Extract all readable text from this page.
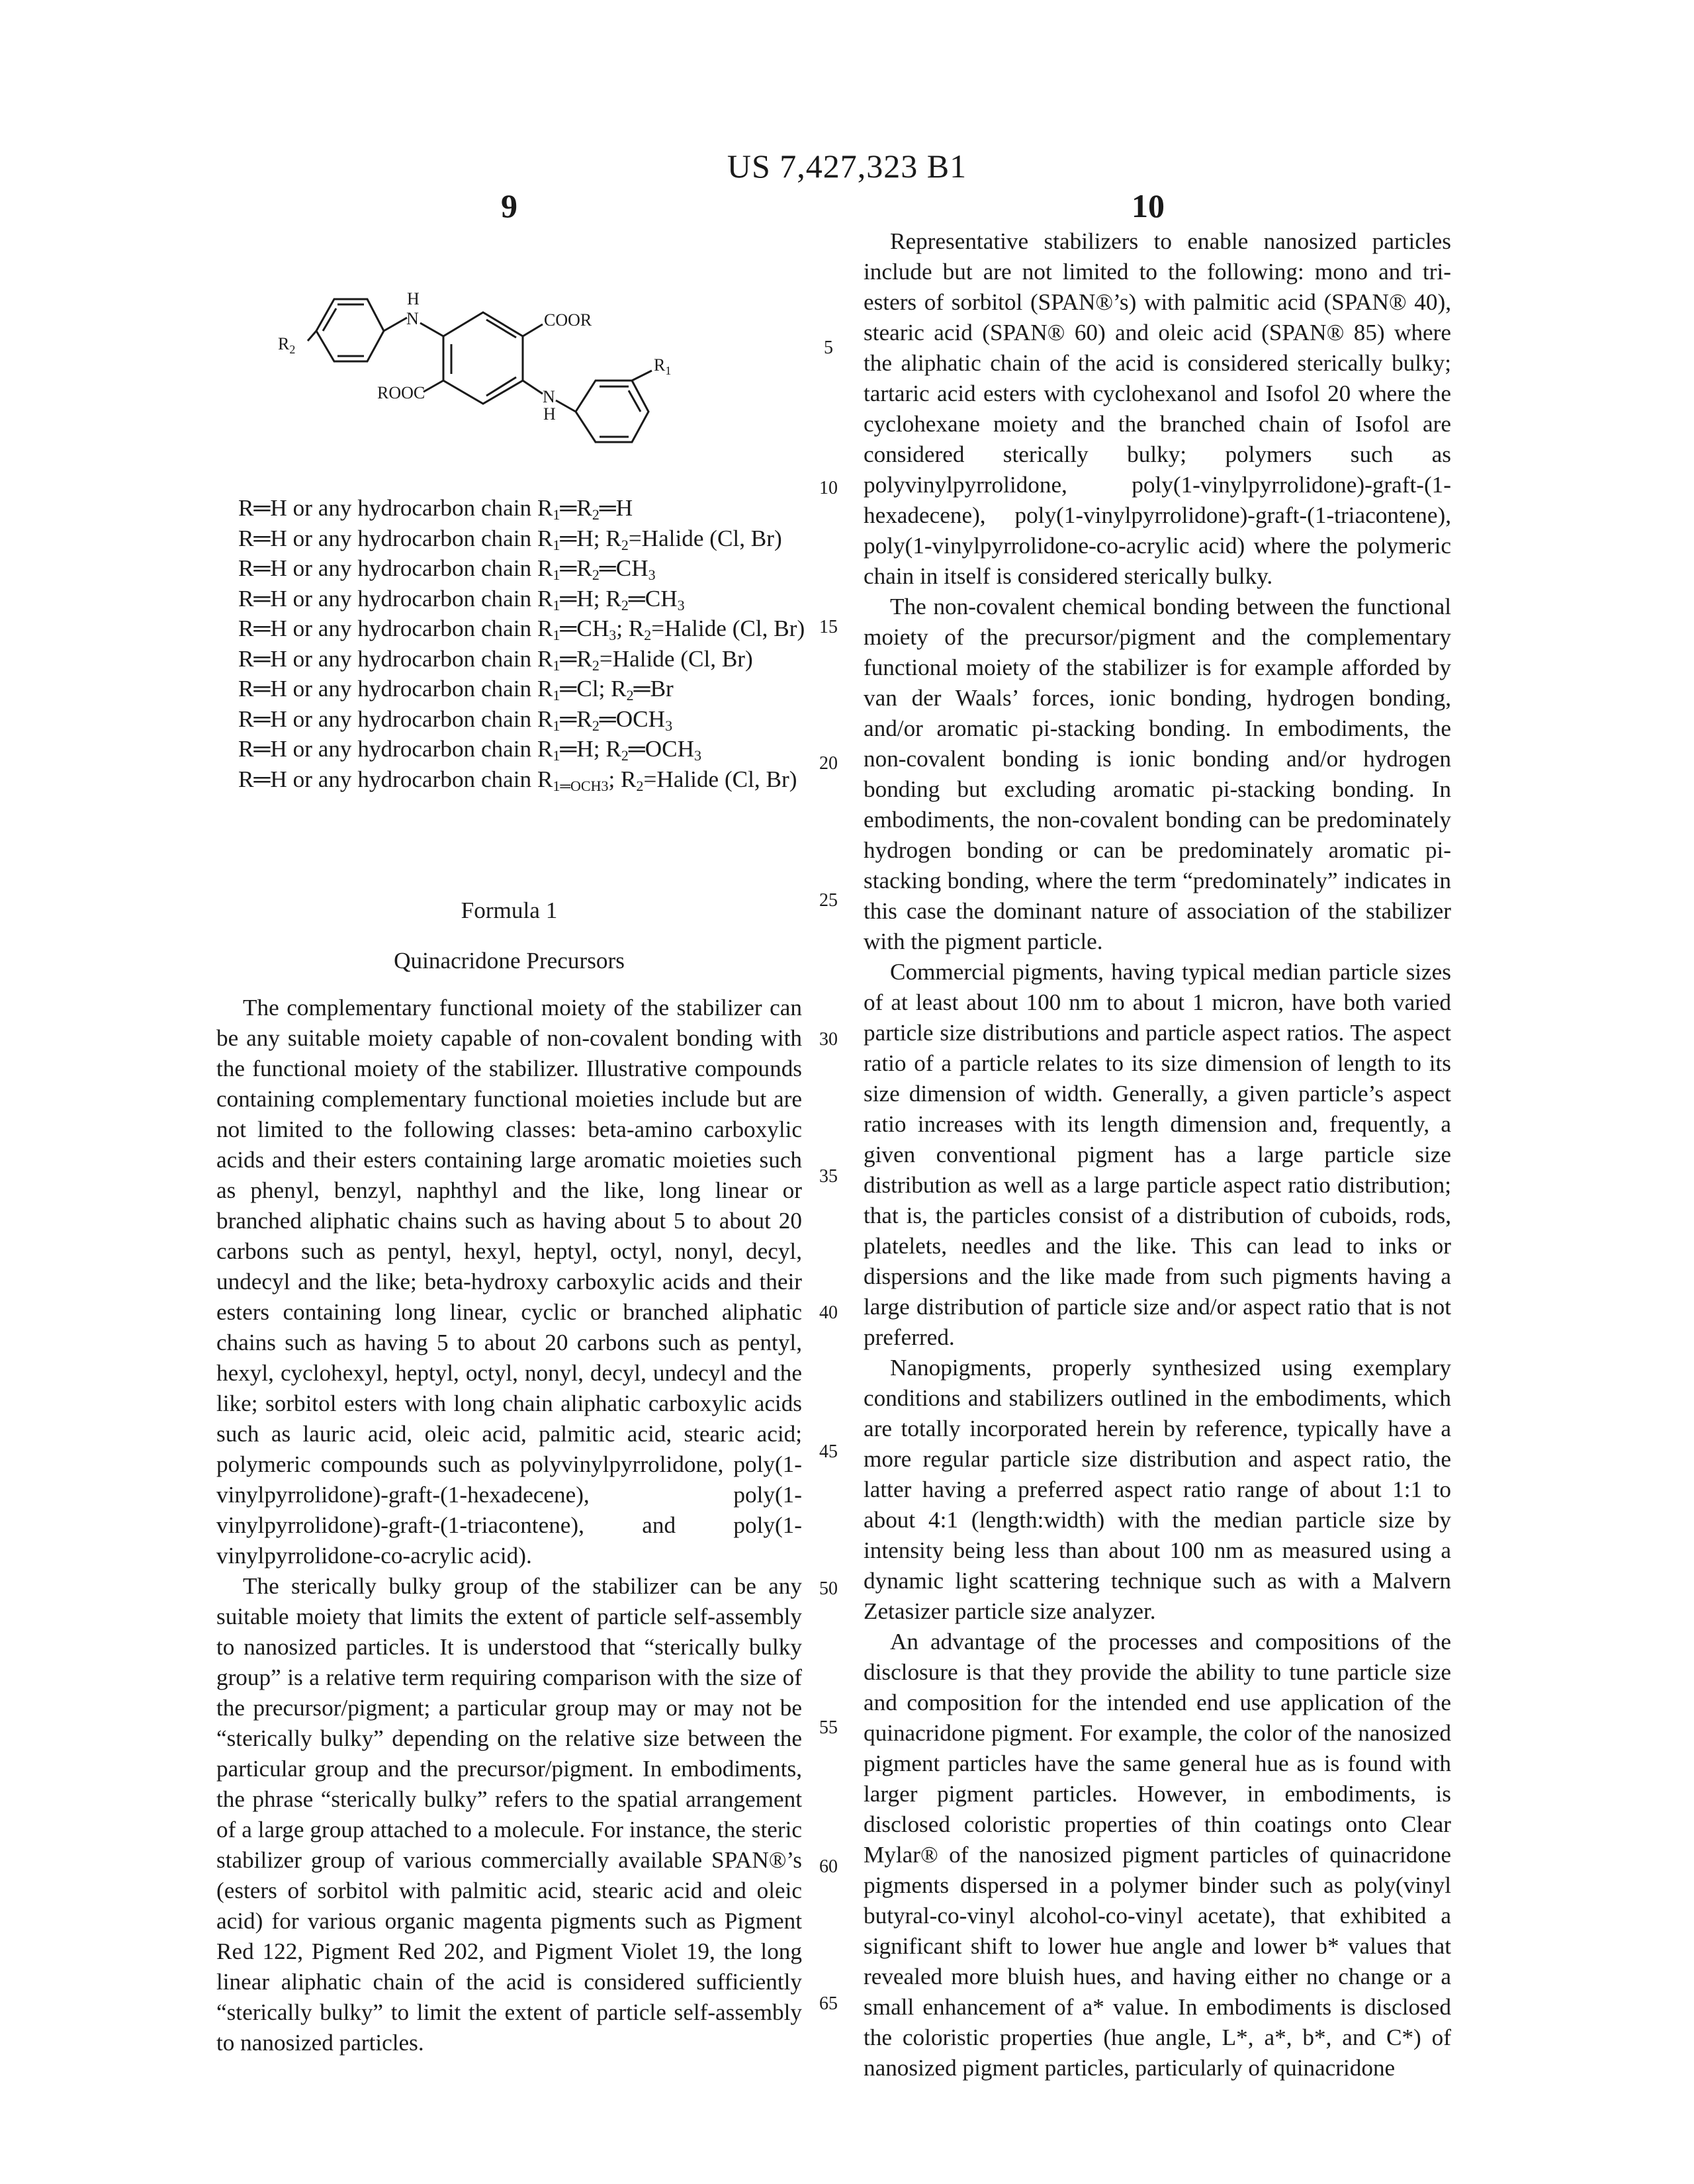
US 7,427,323 B1
9	10
H
N	COOR
R2
R1
ROOC	N
H
R═H or any hydrocarbon chain R1═R2═H
R═H or any hydrocarbon chain R1═H; R2=Halide (Cl, Br)
R═H or any hydrocarbon chain R1═R2═CH3
R═H or any hydrocarbon chain R1═H; R2═CH3
R═H or any hydrocarbon chain R1═CH3; R2=Halide (Cl, Br)
R═H or any hydrocarbon chain R1═R2=Halide (Cl, Br)
R═H or any hydrocarbon chain R1═Cl; R2═Br
R═H or any hydrocarbon chain R1═R2═OCH3
R═H or any hydrocarbon chain R1═H; R2═OCH3
R═H or any hydrocarbon chain R1═OCH3; R2=Halide (Cl, Br)
Formula 1
Quinacridone Precursors

The complementary functional moiety of the stabilizer can be any suitable moiety capable of non-covalent bonding with the functional moiety of the stabilizer. Illustrative compounds containing complementary functional moieties include but are not limited to the following classes: beta-amino carboxylic acids and their esters containing large aromatic moieties such as phenyl, benzyl, naphthyl and the like, long linear or branched aliphatic chains such as having about 5 to about 20 carbons such as pentyl, hexyl, heptyl, octyl, nonyl, decyl, undecyl and the like; beta-hydroxy carboxylic acids and their esters containing long linear, cyclic or branched aliphatic chains such as having 5 to about 20 carbons such as pentyl, hexyl, cyclohexyl, heptyl, octyl, nonyl, decyl, undecyl and the like; sorbitol esters with long chain aliphatic carboxylic acids such as lauric acid, oleic acid, palmitic acid, stearic acid; polymeric compounds such as polyvinylpyrrolidone, poly(1-vinylpyrrolidone)-graft-(1-hexadecene), poly(1-vinylpyrrolidone)-graft-(1-triacontene), and poly(1-vinylpyrrolidone-co-acrylic acid).

The sterically bulky group of the stabilizer can be any suitable moiety that limits the extent of particle self-assembly to nanosized particles. It is understood that “sterically bulky group” is a relative term requiring comparison with the size of the precursor/pigment; a particular group may or may not be “sterically bulky” depending on the relative size between the particular group and the precursor/pigment. In embodiments, the phrase “sterically bulky” refers to the spatial arrangement of a large group attached to a molecule. For instance, the steric stabilizer group of various commercially available SPAN®’s (esters of sorbitol with palmitic acid, stearic acid and oleic acid) for various organic magenta pigments such as Pigment Red 122, Pigment Red 202, and Pigment Violet 19, the long linear aliphatic chain of the acid is considered sufficiently “sterically bulky” to limit the extent of particle self-assembly to nanosized particles.

Representative stabilizers to enable nanosized particles include but are not limited to the following: mono and tri-esters of sorbitol (SPAN®’s) with palmitic acid (SPAN® 40), stearic acid (SPAN® 60) and oleic acid (SPAN® 85) where the aliphatic chain of the acid is considered sterically bulky; tartaric acid esters with cyclohexanol and Isofol 20 where the cyclohexane moiety and the branched chain of Isofol are considered sterically bulky; polymers such as polyvinylpyrrolidone, poly(1-vinylpyrrolidone)-graft-(1-hexadecene), poly(1-vinylpyrrolidone)-graft-(1-triacontene), poly(1-vinylpyrrolidone-co-acrylic acid) where the polymeric chain in itself is considered sterically bulky.

The non-covalent chemical bonding between the functional moiety of the precursor/pigment and the complementary functional moiety of the stabilizer is for example afforded by van der Waals’ forces, ionic bonding, hydrogen bonding, and/or aromatic pi-stacking bonding. In embodiments, the non-covalent bonding is ionic bonding and/or hydrogen bonding but excluding aromatic pi-stacking bonding. In embodiments, the non-covalent bonding can be predominately hydrogen bonding or can be predominately aromatic pi-stacking bonding, where the term “predominately” indicates in this case the dominant nature of association of the stabilizer with the pigment particle.

Commercial pigments, having typical median particle sizes of at least about 100 nm to about 1 micron, have both varied particle size distributions and particle aspect ratios. The aspect ratio of a particle relates to its size dimension of length to its size dimension of width. Generally, a given particle’s aspect ratio increases with its length dimension and, frequently, a given conventional pigment has a large particle size distribution as well as a large particle aspect ratio distribution; that is, the particles consist of a distribution of cuboids, rods, platelets, needles and the like. This can lead to inks or dispersions and the like made from such pigments having a large distribution of particle size and/or aspect ratio that is not preferred.

Nanopigments, properly synthesized using exemplary conditions and stabilizers outlined in the embodiments, which are totally incorporated herein by reference, typically have a more regular particle size distribution and aspect ratio, the latter having a preferred aspect ratio range of about 1:1 to about 4:1 (length:width) with the median particle size by intensity being less than about 100 nm as measured using a dynamic light scattering technique such as with a Malvern Zetasizer particle size analyzer.

An advantage of the processes and compositions of the disclosure is that they provide the ability to tune particle size and composition for the intended end use application of the quinacridone pigment. For example, the color of the nanosized pigment particles have the same general hue as is found with larger pigment particles. However, in embodiments, is disclosed coloristic properties of thin coatings onto Clear Mylar® of the nanosized pigment particles of quinacridone pigments dispersed in a polymer binder such as poly(vinyl butyral-co-vinyl alcohol-co-vinyl acetate), that exhibited a significant shift to lower hue angle and lower b* values that revealed more bluish hues, and having either no change or a small enhancement of a* value. In embodiments is disclosed the coloristic properties (hue angle, L*, a*, b*, and C*) of nanosized pigment particles, particularly of quinacridone

5
10
15
20
25
30
35
40
45
50
55
60
65
